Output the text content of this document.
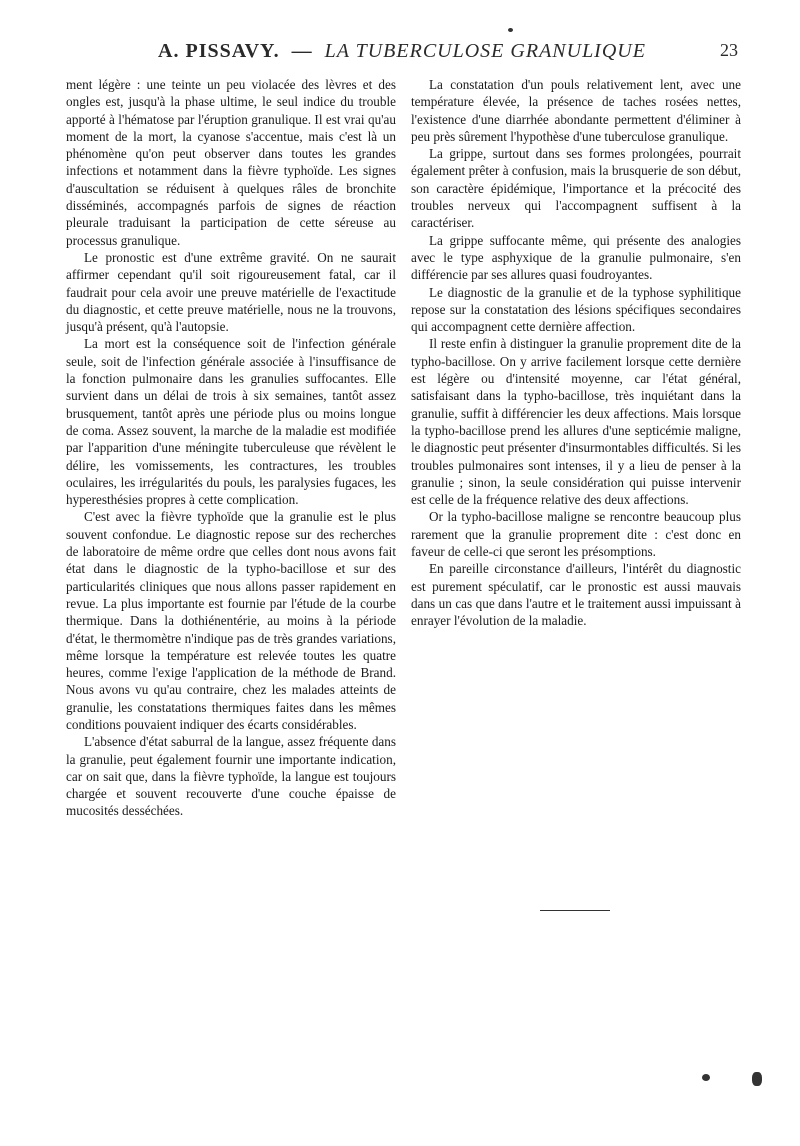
A. PISSAVY. — LA TUBERCULOSE GRANULIQUE	23

ment légère : une teinte un peu violacée des lèvres et des ongles est, jusqu'à la phase ultime, le seul indice du trouble apporté à l'hématose par l'éruption granulique. Il est vrai qu'au moment de la mort, la cyanose s'accentue, mais c'est là un phénomène qu'on peut observer dans toutes les grandes infections et notamment dans la fièvre typhoïde. Les signes d'auscultation se réduisent à quelques râles de bronchite disséminés, accompagnés parfois de signes de réaction pleurale traduisant la participation de cette séreuse au processus granulique.

Le pronostic est d'une extrême gravité. On ne saurait affirmer cependant qu'il soit rigoureusement fatal, car il faudrait pour cela avoir une preuve matérielle de l'exactitude du diagnostic, et cette preuve matérielle, nous ne la trouvons, jusqu'à présent, qu'à l'autopsie.

La mort est la conséquence soit de l'infection générale seule, soit de l'infection générale associée à l'insuffisance de la fonction pulmonaire dans les granulies suffocantes. Elle survient dans un délai de trois à six semaines, tantôt assez brusquement, tantôt après une période plus ou moins longue de coma. Assez souvent, la marche de la maladie est modifiée par l'apparition d'une méningite tuberculeuse que révèlent le délire, les vomissements, les contractures, les troubles oculaires, les irrégularités du pouls, les paralysies fugaces, les hyperesthésies propres à cette complication.

C'est avec la fièvre typhoïde que la granulie est le plus souvent confondue. Le diagnostic repose sur des recherches de laboratoire de même ordre que celles dont nous avons fait état dans le diagnostic de la typho-bacillose et sur des particularités cliniques que nous allons passer rapidement en revue. La plus importante est fournie par l'étude de la courbe thermique. Dans la dothiénentérie, au moins à la période d'état, le thermomètre n'indique pas de très grandes variations, même lorsque la température est relevée toutes les quatre heures, comme l'exige l'application de la méthode de Brand. Nous avons vu qu'au contraire, chez les malades atteints de granulie, les constatations thermiques faites dans les mêmes conditions pouvaient indiquer des écarts considérables.

L'absence d'état saburral de la langue, assez fréquente dans la granulie, peut également fournir une importante indication, car on sait que, dans la fièvre typhoïde, la langue est toujours chargée et souvent recouverte d'une couche épaisse de mucosités desséchées.

La constatation d'un pouls relativement lent, avec une température élevée, la présence de taches rosées nettes, l'existence d'une diarrhée abondante permettent d'éliminer à peu près sûrement l'hypothèse d'une tuberculose granulique.

La grippe, surtout dans ses formes prolongées, pourrait également prêter à confusion, mais la brusquerie de son début, son caractère épidémique, l'importance et la précocité des troubles nerveux qui l'accompagnent suffisent à la caractériser.

La grippe suffocante même, qui présente des analogies avec le type asphyxique de la granulie pulmonaire, s'en différencie par ses allures quasi foudroyantes.

Le diagnostic de la granulie et de la typhose syphilitique repose sur la constatation des lésions spécifiques secondaires qui accompagnent cette dernière affection.

Il reste enfin à distinguer la granulie proprement dite de la typho-bacillose. On y arrive facilement lorsque cette dernière est légère ou d'intensité moyenne, car l'état général, satisfaisant dans la typho-bacillose, très inquiétant dans la granulie, suffit à différencier les deux affections. Mais lorsque la typho-bacillose prend les allures d'une septicémie maligne, le diagnostic peut présenter d'insurmontables difficultés. Si les troubles pulmonaires sont intenses, il y a lieu de penser à la granulie ; sinon, la seule considération qui puisse intervenir est celle de la fréquence relative des deux affections.

Or la typho-bacillose maligne se rencontre beaucoup plus rarement que la granulie proprement dite : c'est donc en faveur de celle-ci que seront les présomptions.

En pareille circonstance d'ailleurs, l'intérêt du diagnostic est purement spéculatif, car le pronostic est aussi mauvais dans un cas que dans l'autre et le traitement aussi impuissant à enrayer l'évolution de la maladie.
